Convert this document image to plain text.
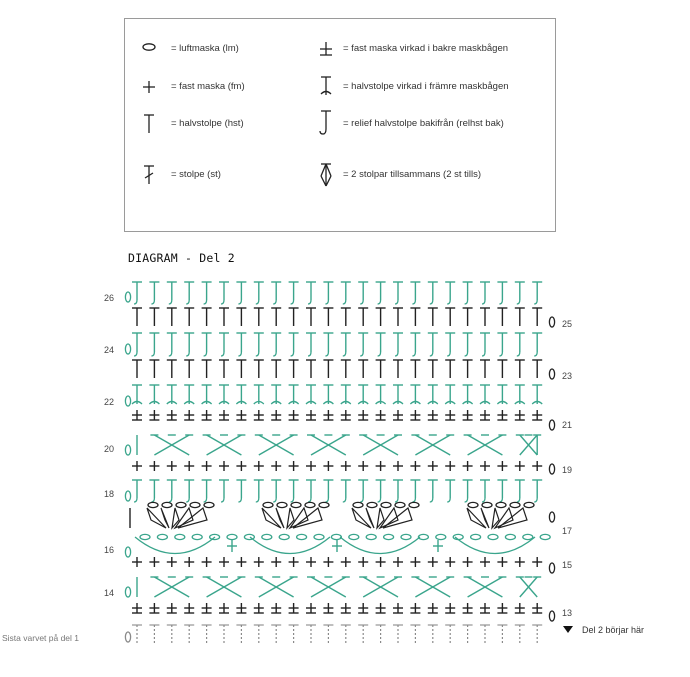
= luftmaska (lm)	= fast maska virkad i bakre maskbågen
= fast maska (fm)	= halvstolpe virkad i främre maskbågen
= halvstolpe (hst)	= relief halvstolpe bakifrån (relhst bak)
= stolpe (st)	= 2 stolpar tillsammans (2 st tills)
DIAGRAM - Del 2
26
24
22
20
18
16
14
25
23
21
19
17
15
13
Sista varvet på del 1
Del 2 börjar här
